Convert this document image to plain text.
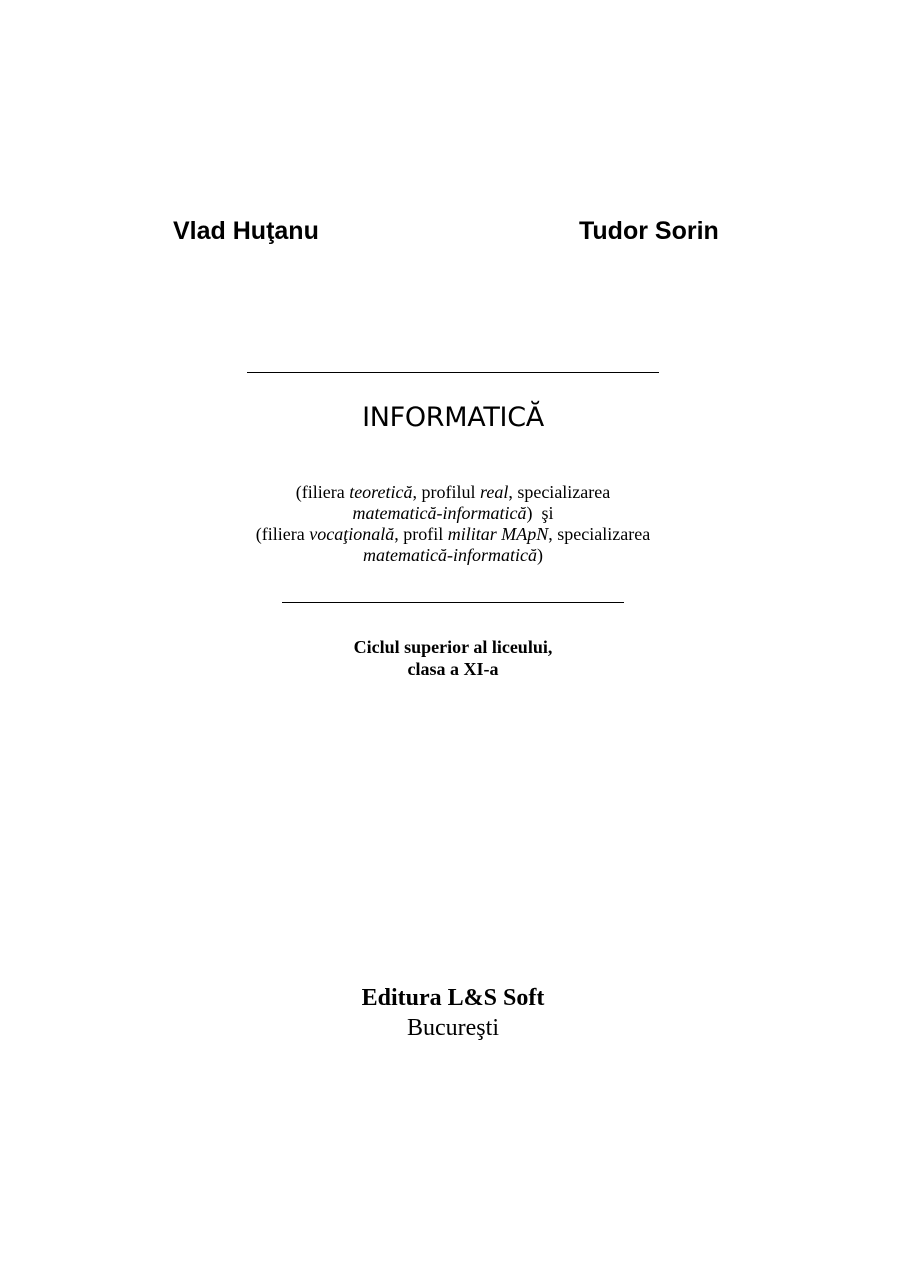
Vlad Huţanu	Tudor Sorin
INFORMATICĂ
(filiera teoretică, profilul real, specializarea
matematică-informatică)  şi
(filiera vocaţională, profil militar MApN, specializarea
matematică-informatică)
Ciclul superior al liceului,
clasa a XI-a
Editura L&S Soft
Bucureşti
